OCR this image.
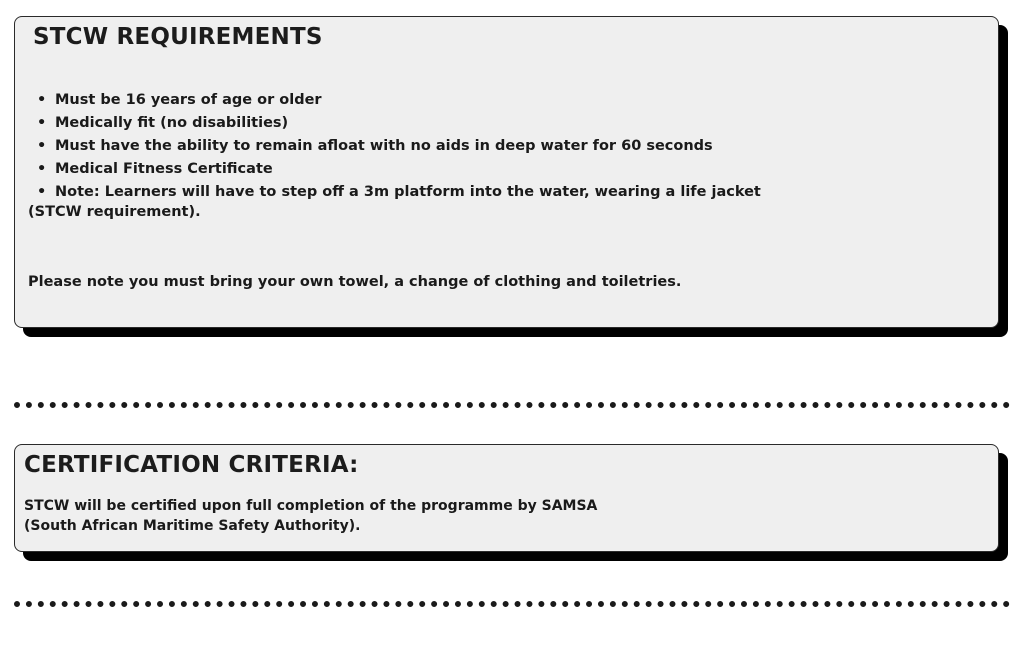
STCW REQUIREMENTS
• Must be 16 years of age or older
• Medically fit (no disabilities)
• Must have the ability to remain afloat with no aids in deep water for 60 seconds
• Medical Fitness Certificate
• Note: Learners will have to step off a 3m platform into the water, wearing a life jacket
(STCW requirement).
Please note you must bring your own towel, a change of clothing and toiletries.
CERTIFICATION CRITERIA:
STCW will be certified upon full completion of the programme by SAMSA
(South African Maritime Safety Authority).
